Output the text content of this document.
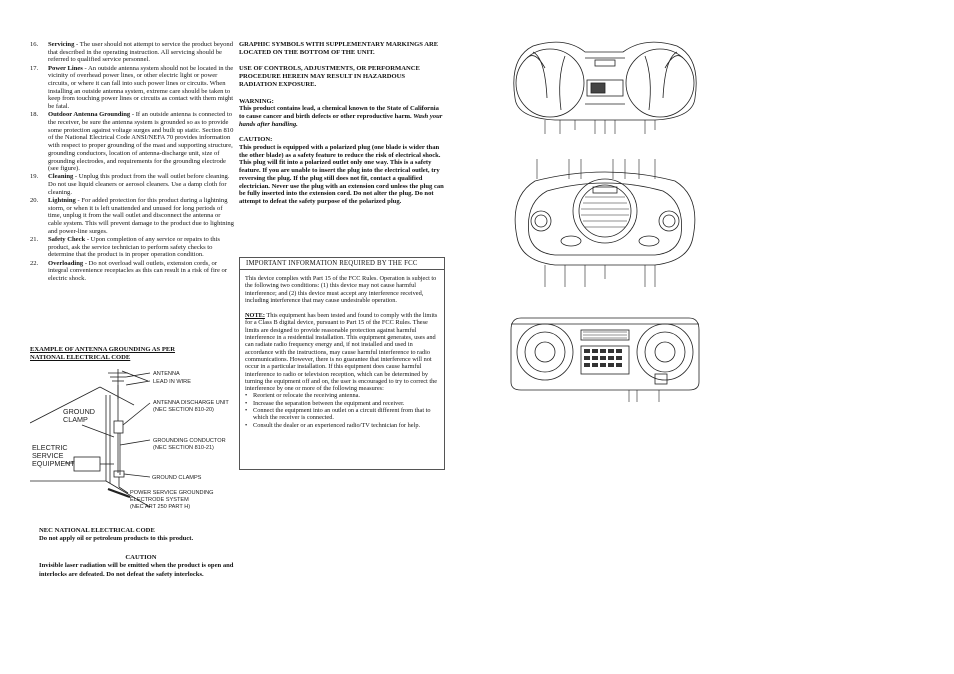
16. Servicing - The user should not attempt to service the product beyond that described in the operating instruction. All servicing should be referred to qualified service personnel.
17. Power Lines - An outside antenna system should not be located in the vicinity of overhead power lines, or other electric light or power circuits, or where it can fall into such power lines or circuits. When installing an outside antenna system, extreme care should be taken to keep from touching power lines or circuits as contact with them might be fatal.
18. Outdoor Antenna Grounding - If an outside antenna is connected to the receiver, be sure the antenna system is grounded so as to provide some protection against voltage surges and built up static. Section 810 of the National Electrical Code ANSI/NEFA 70 provides information with respect to proper grounding of the mast and supporting structure, grounding conductors, location of antenna-discharge unit, size of grounding electrodes, and requirements for the grounding electrode (see figure).
19. Cleaning - Unplug this product from the wall outlet before cleaning. Do not use liquid cleaners or aerosol cleaners. Use a damp cloth for cleaning.
20. Lightning - For added protection for this product during a lightning storm, or when it is left unattended and unused for long periods of time, unplug it from the wall outlet and disconnect the antenna or cable system. This will prevent damage to the product due to lightning and power-line surges.
21. Safety Check - Upon completion of any service or repairs to this product, ask the service technician to perform safety checks to determine that the product is in proper operation condition.
22. Overloading - Do not overload wall outlets, extension cords, or integral convenience receptacles as this can result in a risk of fire or electric shock.
EXAMPLE OF ANTENNA GROUNDING AS PER
NATIONAL ELECTRICAL CODE
ANTENNA
LEAD IN WIRE
ANTENNA DISCHARGE UNIT
(NEC SECTION 810-20)
GROUND
CLAMP
GROUNDING CONDUCTOR
(NEC SECTION 810-21)
ELECTRIC
SERVICE
EQUIPMENT
GROUND CLAMPS
POWER SERVICE GROUNDING
ELECTRODE SYSTEM
(NEC ART 250 PART H)
NEC NATIONAL ELECTRICAL CODE
Do not apply oil or petroleum products to this product.
CAUTION
Invisible laser radiation will be emitted when the product is open and interlocks are defeated. Do not defeat the safety interlocks.
GRAPHIC SYMBOLS WITH SUPPLEMENTARY MARKINGS ARE LOCATED ON THE BOTTOM OF THE UNIT.
USE OF CONTROLS, ADJUSTMENTS, OR PERFORMANCE PROCEDURE HEREIN MAY RESULT IN HAZARDOUS RADIATION EXPOSURE.
WARNING:
This product contains lead, a chemical known to the State of California to cause cancer and birth defects or other reproductive harm. Wash your hands after handling.
CAUTION:
This product is equipped with a polarized plug (one blade is wider than the other blade) as a safety feature to reduce the risk of electrical shock. This plug will fit into a polarized outlet only one way. This is a safety feature. If you are unable to insert the plug into the electrical outlet, try reversing the plug. If the plug still does not fit, contact a qualified electrician. Never use the plug with an extension cord unless the plug can be fully inserted into the extension cord. Do not alter the plug. Do not attempt to defeat the safety purpose of the polarized plug.
IMPORTANT INFORMATION REQUIRED BY THE FCC

This device complies with Part 15 of the FCC Rules. Operation is subject to the following two conditions: (1) this device may not cause harmful interference; and (2) this device must accept any interference received, including interference that may cause undesirable operation.

NOTE: This equipment has been tested and found to comply with the limits for a Class B digital device, pursuant to Part 15 of the FCC Rules. These limits are designed to provide reasonable protection against harmful interference in a residential installation. This equipment generates, uses and can radiate radio frequency energy and, if not installed and used in accordance with the instructions, may cause harmful interference to radio communications. However, there is no guarantee that interference will not occur in a particular installation. If this equipment does cause harmful interference to radio or television reception, which can be determined by turning the equipment off and on, the user is encouraged to try to correct the interference by one or more of the following measures:

• Reorient or relocate the receiving antenna.
• Increase the separation between the equipment and receiver.
• Connect the equipment into an outlet on a circuit different from that to which the receiver is connected.
• Consult the dealer or an experienced radio/TV technician for help.
